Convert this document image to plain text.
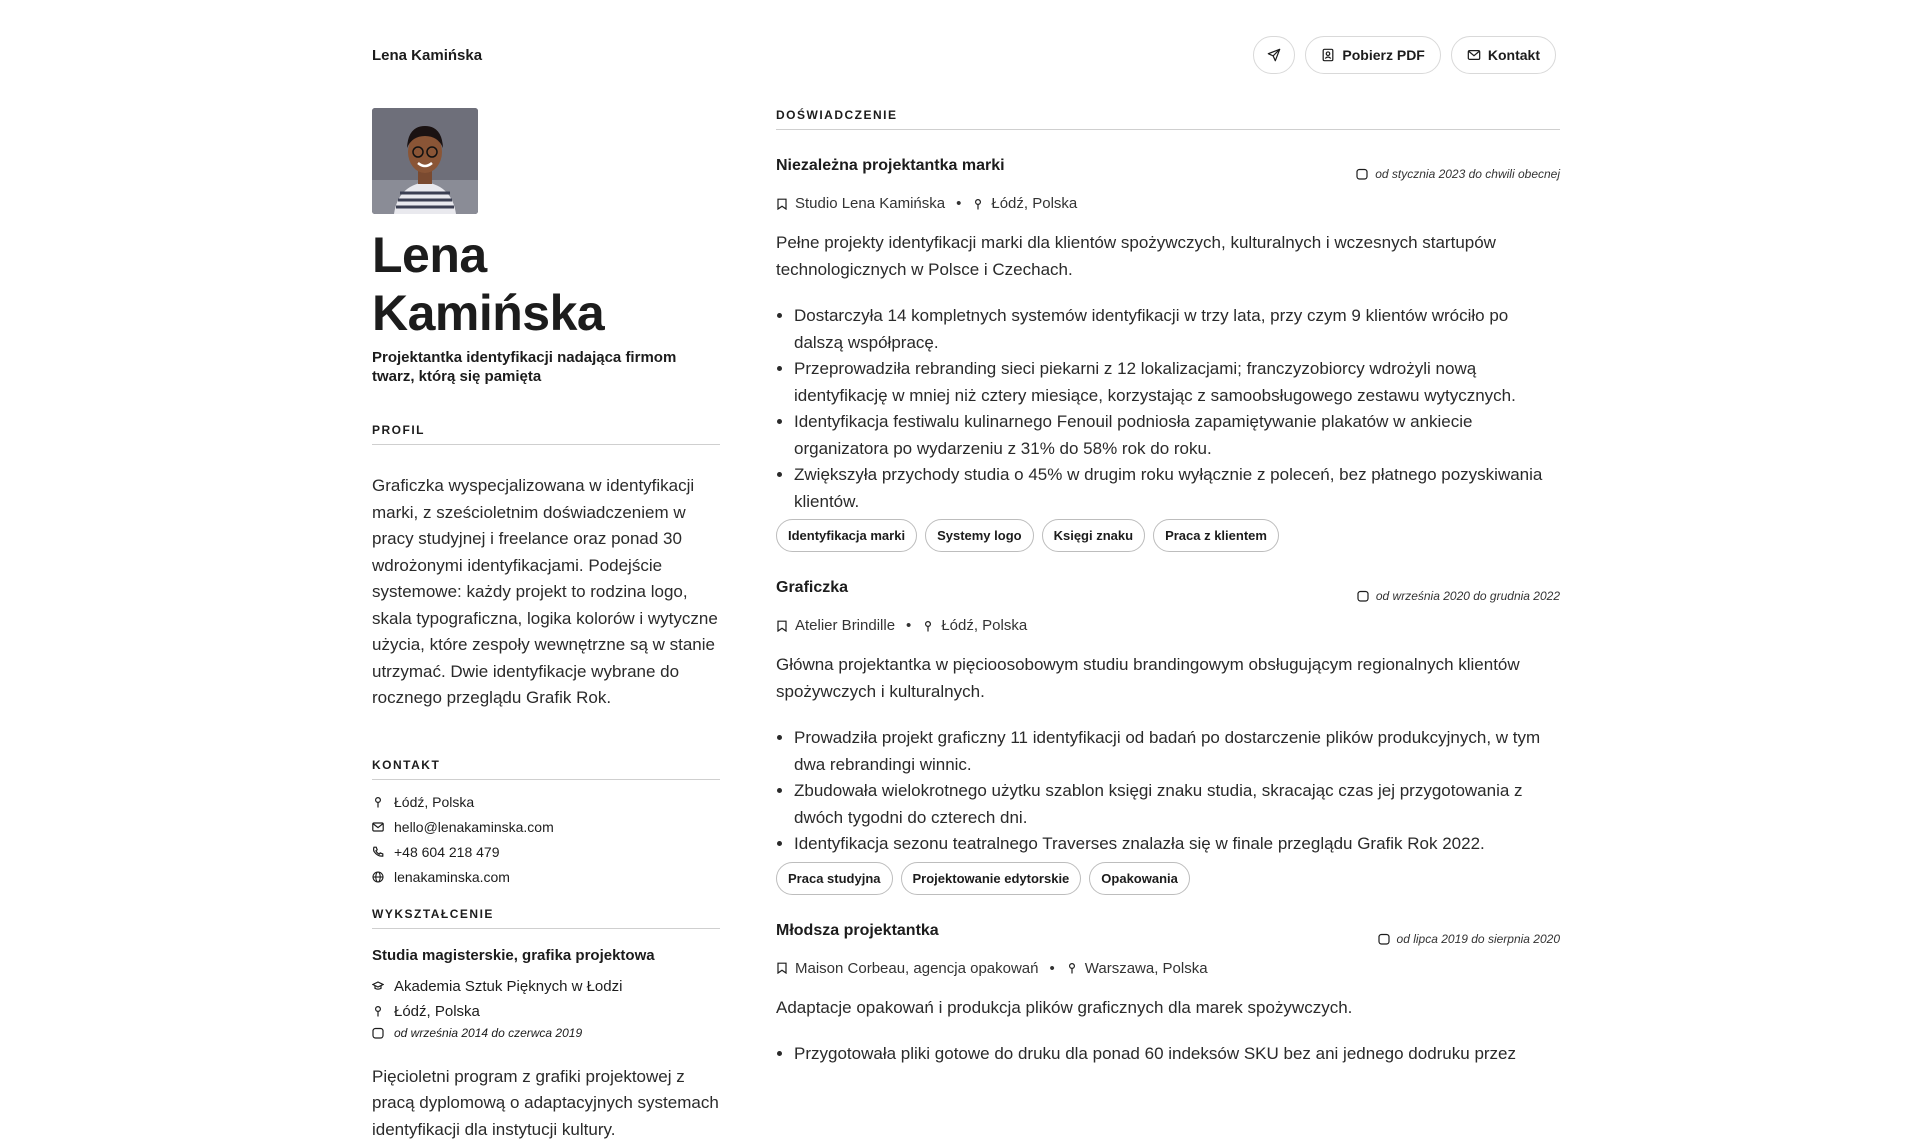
Lena Kamińska	Pobierz PDF	Kontakt
Lena Kamińska
Projektantka identyfikacji nadająca firmom twarz, którą się pamięta
PROFIL
Graficzka wyspecjalizowana w identyfikacji marki, z sześcioletnim doświadczeniem w pracy studyjnej i freelance oraz ponad 30 wdrożonymi identyfikacjami. Podejście systemowe: każdy projekt to rodzina logo, skala typograficzna, logika kolorów i wytyczne użycia, które zespoły wewnętrzne są w stanie utrzymać. Dwie identyfikacje wybrane do rocznego przeglądu Grafik Rok.
KONTAKT
Łódź, Polska
hello@lenakaminska.com
+48 604 218 479
lenakaminska.com
WYKSZTAŁCENIE
Studia magisterskie, grafika projektowa
Akademia Sztuk Pięknych w Łodzi
Łódź, Polska
od września 2014 do czerwca 2019
Pięcioletni program z grafiki projektowej z pracą dyplomową o adaptacyjnych systemach identyfikacji dla instytucji kultury.
DOŚWIADCZENIE
Niezależna projektantka marki	od stycznia 2023 do chwili obecnej
Studio Lena Kamińska • Łódź, Polska
Pełne projekty identyfikacji marki dla klientów spożywczych, kulturalnych i wczesnych startupów technologicznych w Polsce i Czechach.
• Dostarczyła 14 kompletnych systemów identyfikacji w trzy lata, przy czym 9 klientów wróciło po dalszą współpracę.
• Przeprowadziła rebranding sieci piekarni z 12 lokalizacjami; franczyzobiorcy wdrożyli nową identyfikację w mniej niż cztery miesiące, korzystając z samoobsługowego zestawu wytycznych.
• Identyfikacja festiwalu kulinarnego Fenouil podniosła zapamiętywanie plakatów w ankiecie organizatora po wydarzeniu z 31% do 58% rok do roku.
• Zwiększyła przychody studia o 45% w drugim roku wyłącznie z poleceń, bez płatnego pozyskiwania klientów.
Identyfikacja marki	Systemy logo	Księgi znaku	Praca z klientem
Graficzka	od września 2020 do grudnia 2022
Atelier Brindille • Łódź, Polska
Główna projektantka w pięcioosobowym studiu brandingowym obsługującym regionalnych klientów spożywczych i kulturalnych.
• Prowadziła projekt graficzny 11 identyfikacji od badań po dostarczenie plików produkcyjnych, w tym dwa rebrandingi winnic.
• Zbudowała wielokrotnego użytku szablon księgi znaku studia, skracając czas jej przygotowania z dwóch tygodni do czterech dni.
• Identyfikacja sezonu teatralnego Traverses znalazła się w finale przeglądu Grafik Rok 2022.
Praca studyjna	Projektowanie edytorskie	Opakowania
Młodsza projektantka	od lipca 2019 do sierpnia 2020
Maison Corbeau, agencja opakowań • Warszawa, Polska
Adaptacje opakowań i produkcja plików graficznych dla marek spożywczych.
• Przygotowała pliki gotowe do druku dla ponad 60 indeksów SKU bez ani jednego dodruku przez
